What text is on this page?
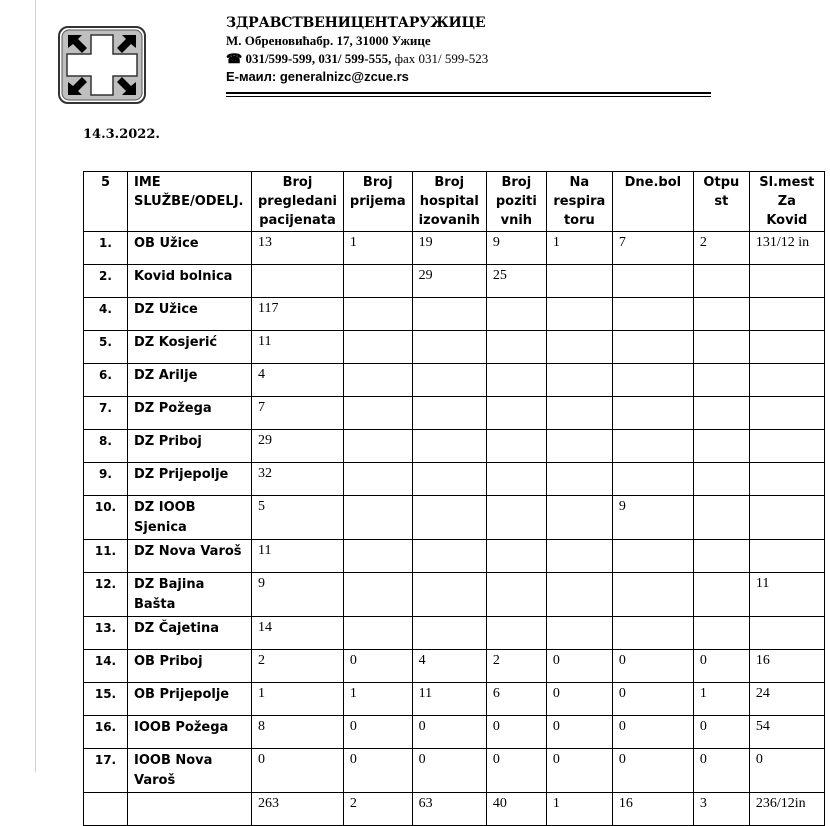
ЗДРАВСТВЕНИЦЕНТАРУЖИЦЕ
М. Обреновићабр. 17, 31000 Ужице
☎ 031/599-599, 031/ 599-555, фах 031/ 599-523
Е-маил: generalnizc@zcue.rs
14.3.2022.
5	IME SLUŽBE/ODELJ.	Broj pregledani pacijenata	Broj prijema	Broj hospital izovanih	Broj poziti vnih	Na respira toru	Dne.bol	Otpu st	Sl.mest Za Kovid
1.	OB Užice	13	1	19	9	1	7	2	131/12 in
2.	Kovid bolnica			29	25				
4.	DZ Užice	117							
5.	DZ Kosjerić	11							
6.	DZ Arilje	4							
7.	DZ Požega	7							
8.	DZ Priboj	29							
9.	DZ Prijepolje	32							
10.	DZ IOOB Sjenica	5					9		
11.	DZ Nova Varoš	11							
12.	DZ Bajina Bašta	9							11
13.	DZ Čajetina	14							
14.	OB Priboj	2	0	4	2	0	0	0	16
15.	OB Prijepolje	1	1	11	6	0	0	1	24
16.	IOOB Požega	8	0	0	0	0	0	0	54
17.	IOOB Nova Varoš	0	0	0	0	0	0	0	0
		263	2	63	40	1	16	3	236/12in
